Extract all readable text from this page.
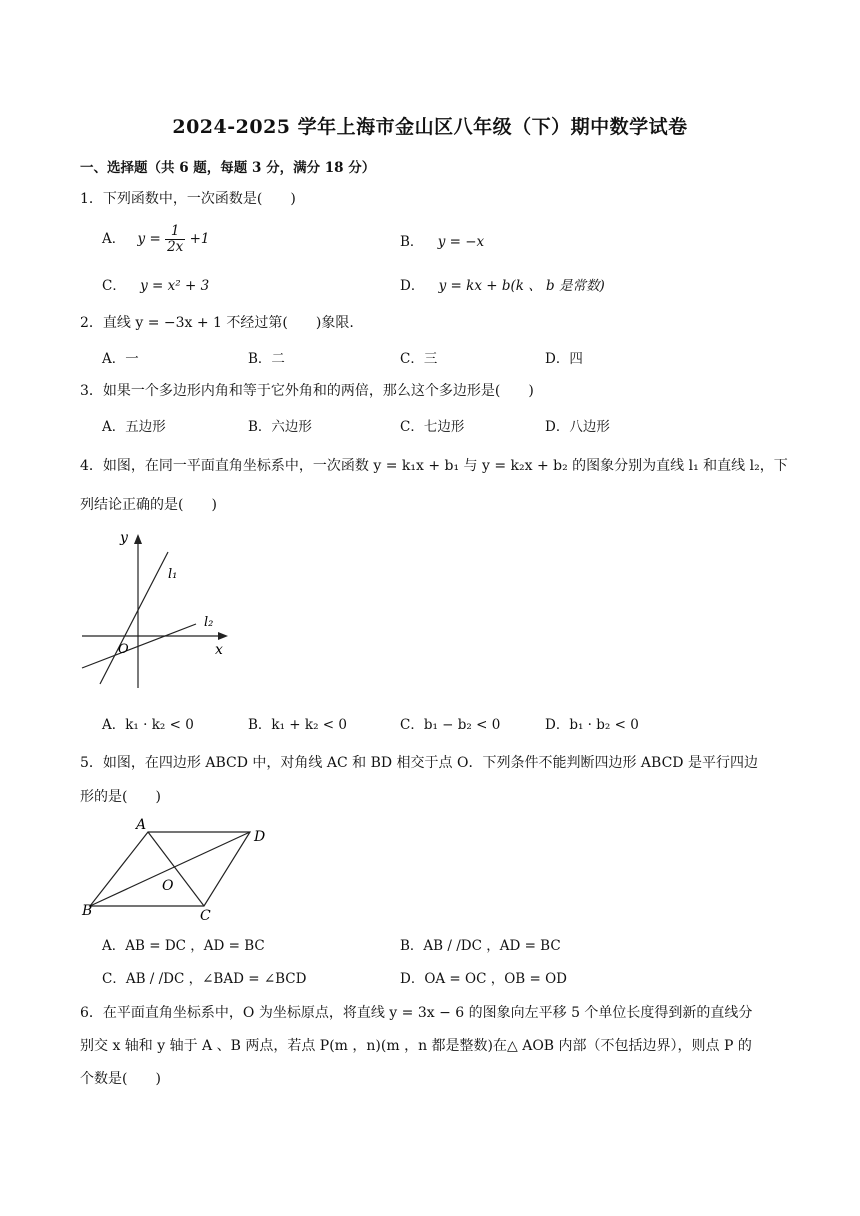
2024-2025 学年上海市金山区八年级（下）期中数学试卷
一、选择题（共 6 题，每题 3 分，满分 18 分）
1．下列函数中，一次函数是(　　)
A． $y = \frac{1}{2x} +1$	B． y = −x
C． y = x² + 3	D． y = kx + b(k 、 b 是常数)
2．直线 y = −3x + 1 不经过第(　　)象限.
A．一	B．二	C．三	D．四
3．如果一个多边形内角和等于它外角和的两倍，那么这个多边形是(　　)
A．五边形	B．六边形	C．七边形	D．八边形
4．如图，在同一平面直角坐标系中，一次函数 y = k₁x + b₁ 与 y = k₂x + b₂ 的图象分别为直线 l₁ 和直线 l₂，下
列结论正确的是(　　)
y
x
O
l₁
l₂
A．k₁ · k₂ < 0	B．k₁ + k₂ < 0	C．b₁ − b₂ < 0	D．b₁ · b₂ < 0
5．如图，在四边形 ABCD 中，对角线 AC 和 BD 相交于点 O．下列条件不能判断四边形 ABCD 是平行四边
形的是(　　)
A
B	C
D
O
A．AB = DC ，AD = BC	B．AB / /DC ，AD = BC
C．AB / /DC ，∠BAD = ∠BCD	D．OA = OC ，OB = OD
6．在平面直角坐标系中，O 为坐标原点，将直线 y = 3x − 6 的图象向左平移 5 个单位长度得到新的直线分
别交 x 轴和 y 轴于 A 、B 两点，若点 P(m ，n)(m ，n 都是整数)在△ AOB 内部（不包括边界），则点 P 的
个数是(　　)
